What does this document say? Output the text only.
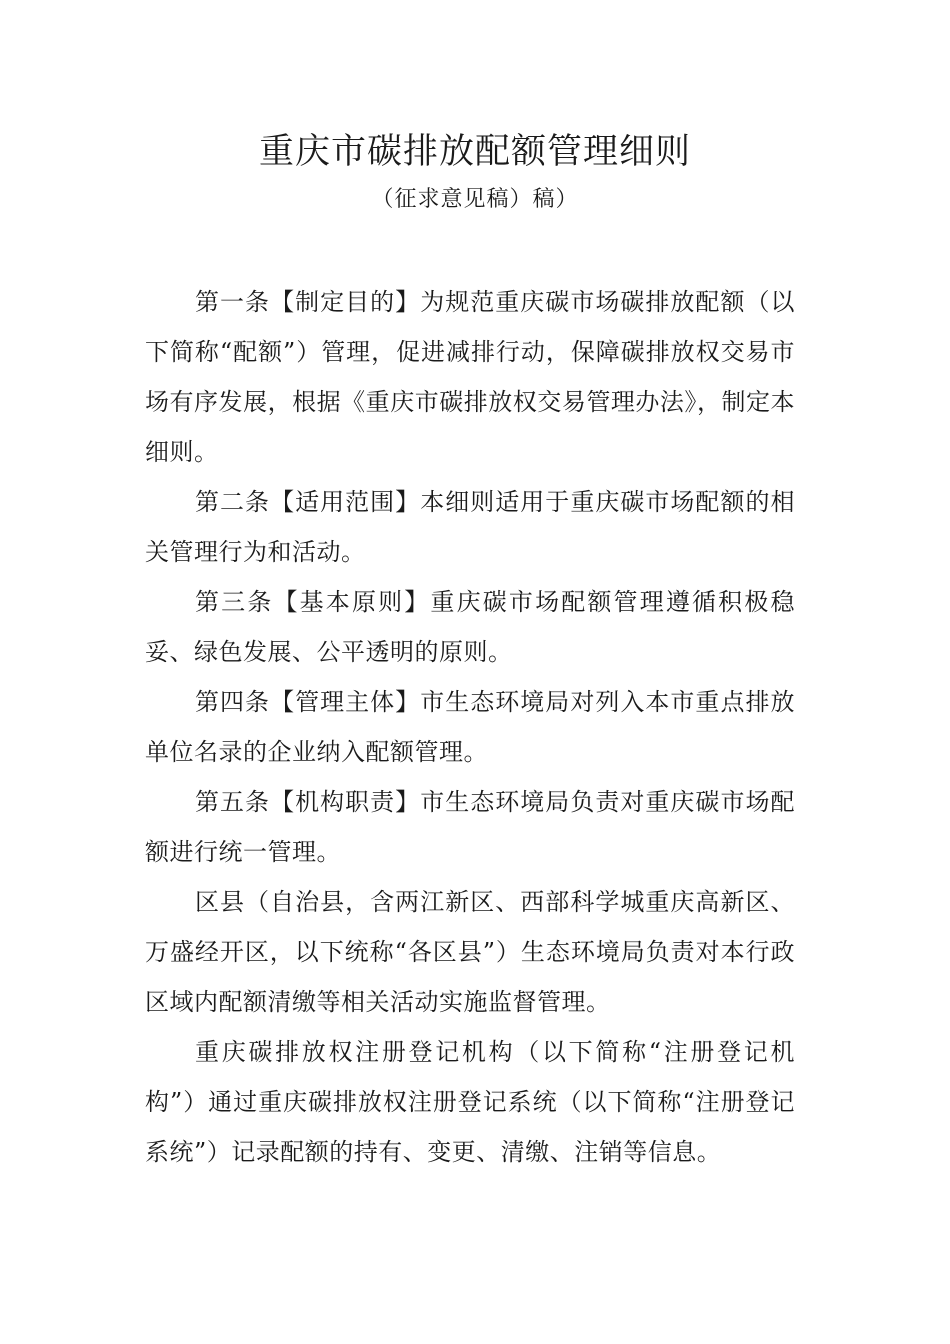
重庆市碳排放配额管理细则
（征求意见稿）稿）

第一条【制定目的】为规范重庆碳市场碳排放配额（以下简称“配额”）管理，促进减排行动，保障碳排放权交易市场有序发展，根据《重庆市碳排放权交易管理办法》，制定本细则。

第二条【适用范围】本细则适用于重庆碳市场配额的相关管理行为和活动。

第三条【基本原则】重庆碳市场配额管理遵循积极稳妥、绿色发展、公平透明的原则。

第四条【管理主体】市生态环境局对列入本市重点排放单位名录的企业纳入配额管理。

第五条【机构职责】市生态环境局负责对重庆碳市场配额进行统一管理。

区县（自治县，含两江新区、西部科学城重庆高新区、万盛经开区，以下统称“各区县”）生态环境局负责对本行政区域内配额清缴等相关活动实施监督管理。

重庆碳排放权注册登记机构（以下简称“注册登记机构”）通过重庆碳排放权注册登记系统（以下简称“注册登记系统”）记录配额的持有、变更、清缴、注销等信息。
